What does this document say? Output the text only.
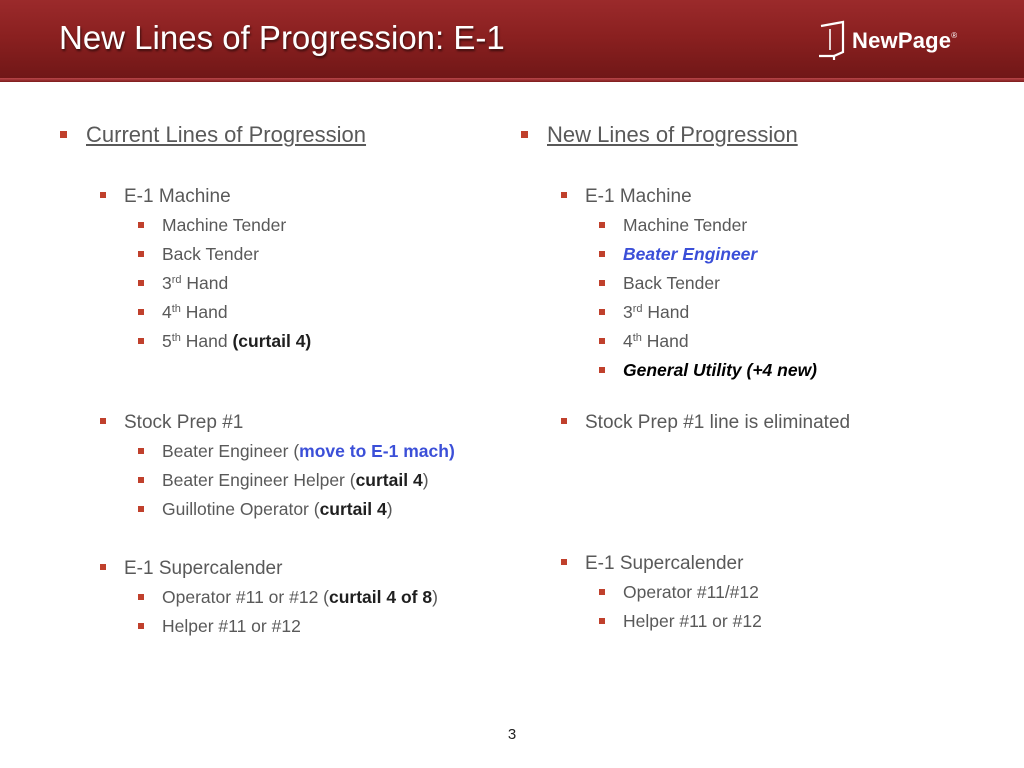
New Lines of Progression: E-1	NewPage®
Current Lines of Progression
E-1 Machine
Machine Tender
Back Tender
3rd Hand
4th Hand
5th Hand (curtail 4)
Stock Prep #1
Beater Engineer (move to E-1 mach)
Beater Engineer Helper (curtail 4)
Guillotine Operator (curtail 4)
E-1 Supercalender
Operator #11 or #12 (curtail 4 of 8)
Helper #11 or #12
New Lines of Progression
E-1 Machine
Machine Tender
Beater Engineer
Back Tender
3rd Hand
4th Hand
General Utility (+4 new)
Stock Prep #1 line is eliminated
E-1 Supercalender
Operator #11/#12
Helper #11 or #12
3
